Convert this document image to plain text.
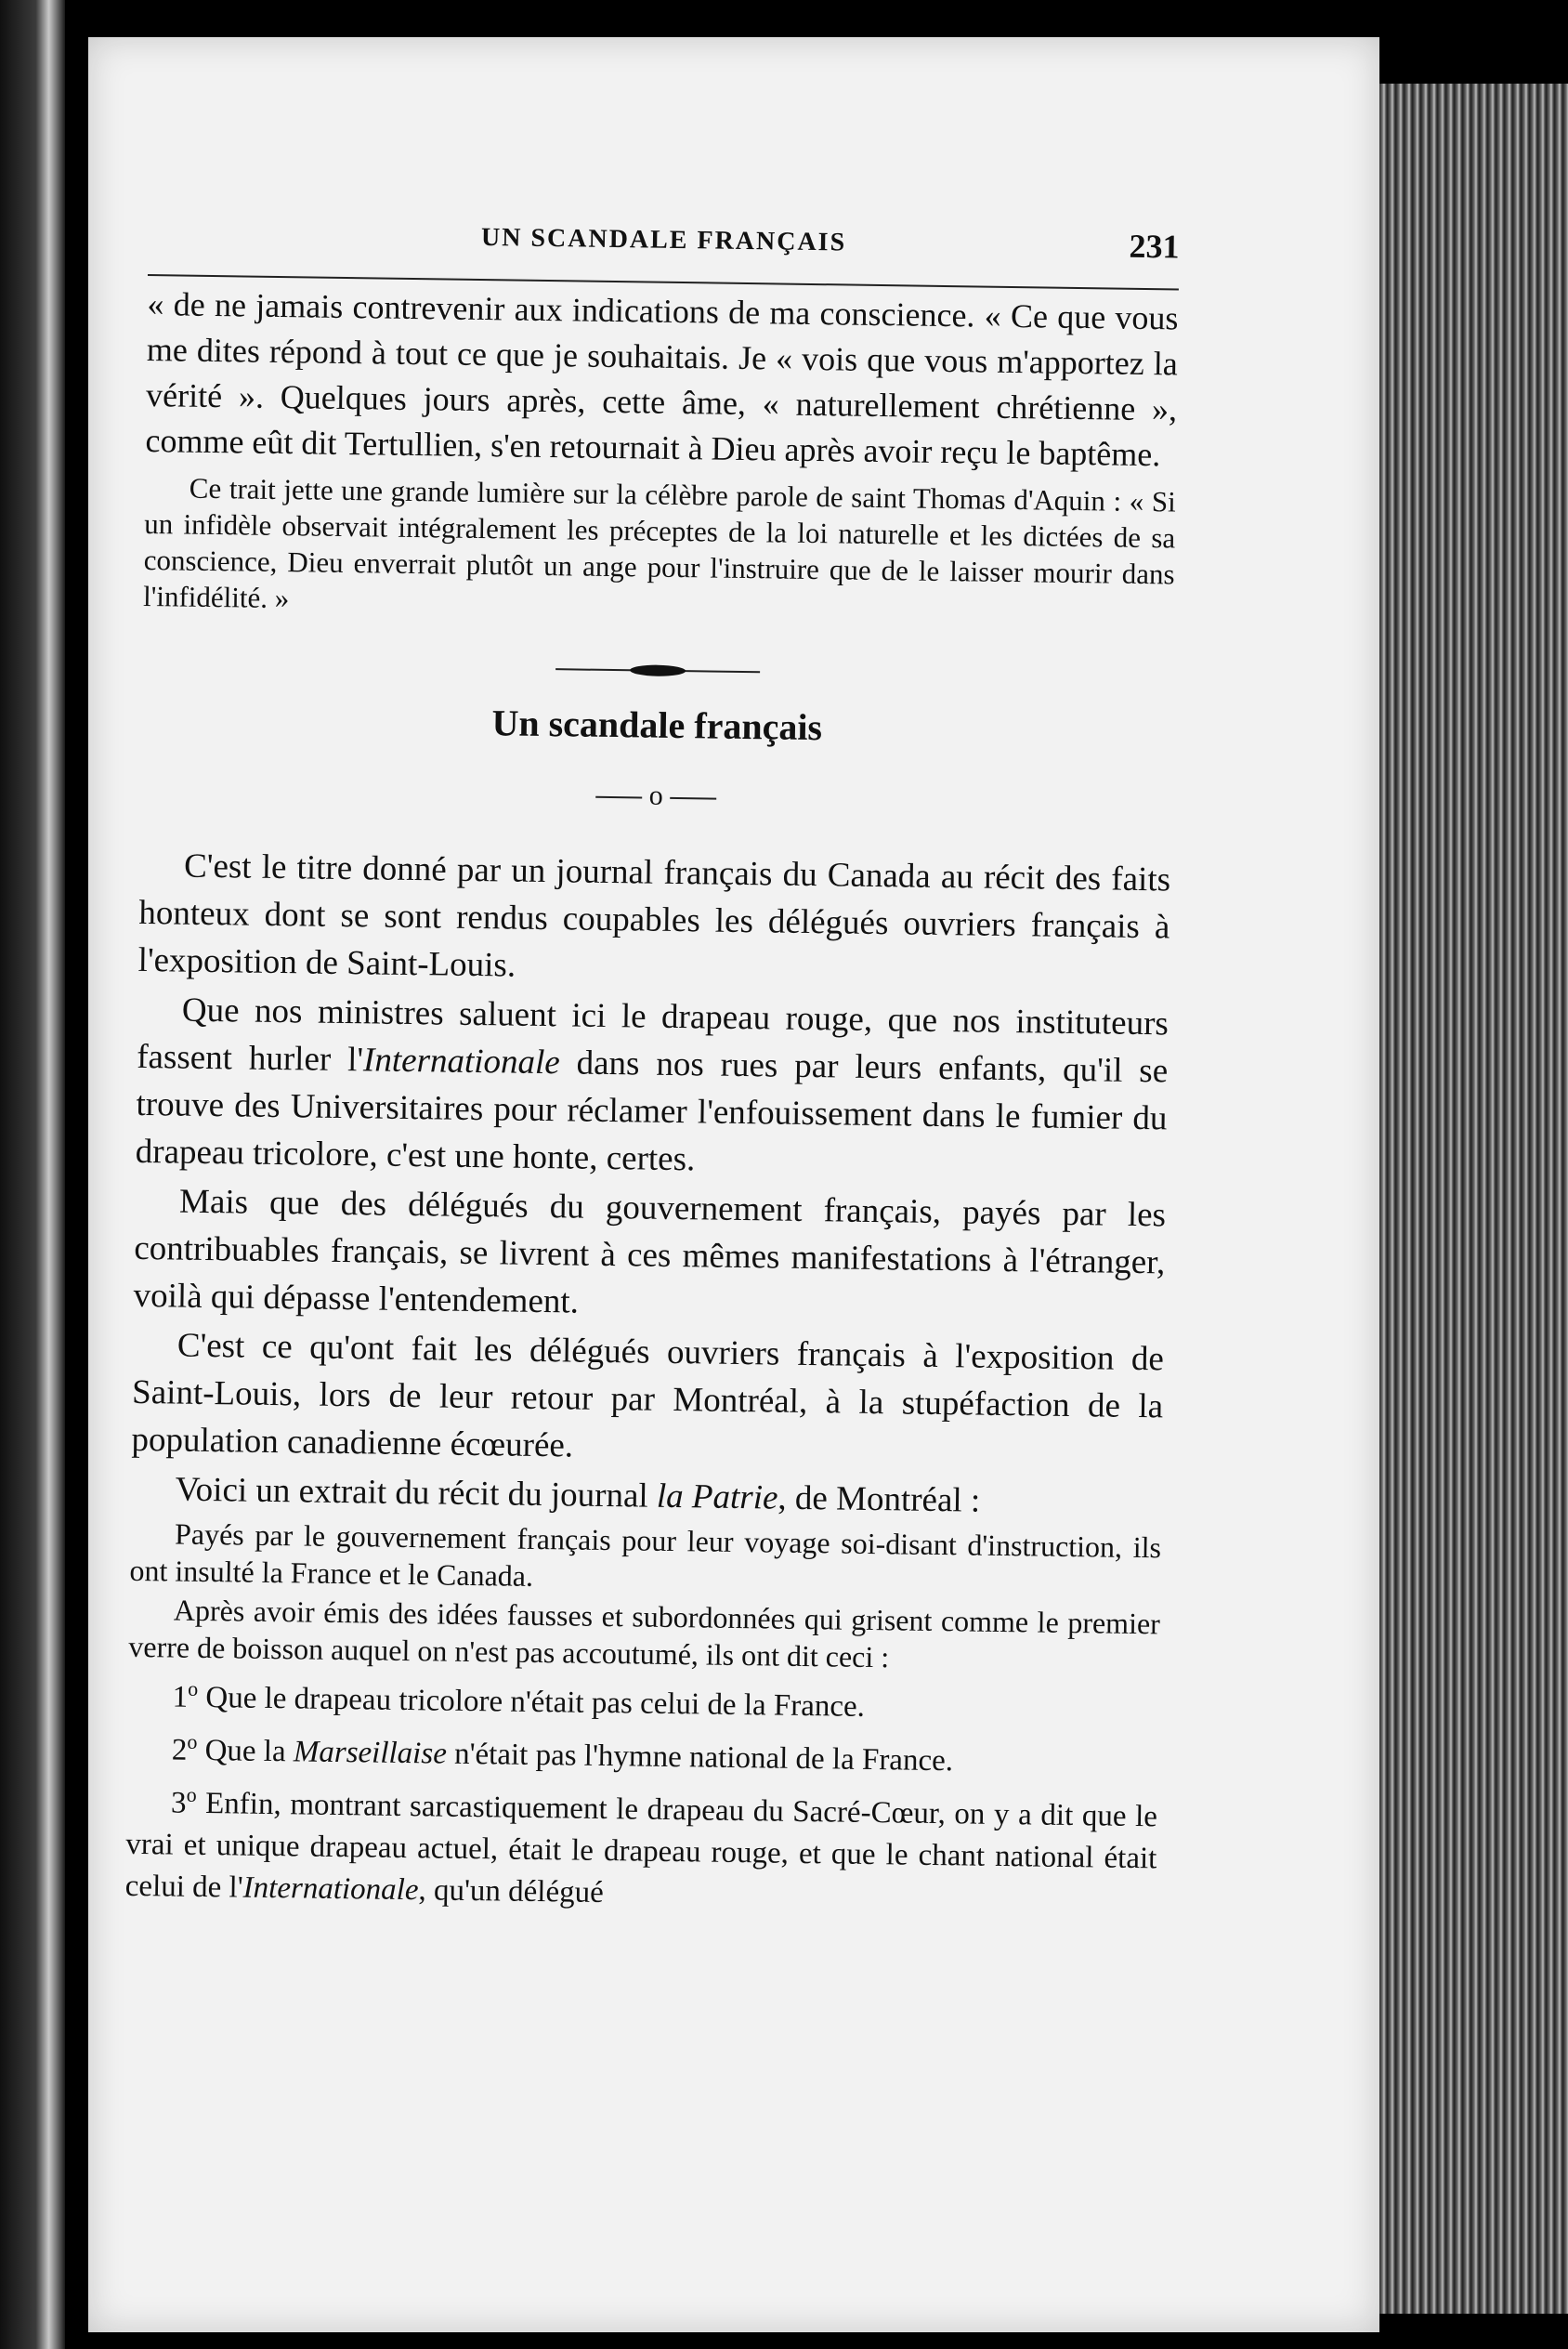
UN SCANDALE FRANÇAIS	231

« de ne jamais contrevenir aux indications de ma conscience. « Ce que vous me dites répond à tout ce que je souhaitais. Je « vois que vous m'apportez la vérité ». Quelques jours après, cette âme, « naturellement chrétienne », comme eût dit Tertullien, s'en retournait à Dieu après avoir reçu le baptême.

Ce trait jette une grande lumière sur la célèbre parole de saint Thomas d'Aquin : « Si un infidèle observait intégralement les préceptes de la loi naturelle et les dictées de sa conscience, Dieu enverrait plutôt un ange pour l'instruire que de le laisser mourir dans l'infidélité. »

Un scandale français
o

C'est le titre donné par un journal français du Canada au récit des faits honteux dont se sont rendus coupables les délégués ouvriers français à l'exposition de Saint-Louis.

Que nos ministres saluent ici le drapeau rouge, que nos instituteurs fassent hurler l'Internationale dans nos rues par leurs enfants, qu'il se trouve des Universitaires pour réclamer l'enfouissement dans le fumier du drapeau tricolore, c'est une honte, certes.

Mais que des délégués du gouvernement français, payés par les contribuables français, se livrent à ces mêmes manifestations à l'étranger, voilà qui dépasse l'entendement.

C'est ce qu'ont fait les délégués ouvriers français à l'exposition de Saint-Louis, lors de leur retour par Montréal, à la stupéfaction de la population canadienne écœurée.

Voici un extrait du récit du journal la Patrie, de Montréal :

Payés par le gouvernement français pour leur voyage soi-disant d'instruction, ils ont insulté la France et le Canada.

Après avoir émis des idées fausses et subordonnées qui grisent comme le premier verre de boisson auquel on n'est pas accoutumé, ils ont dit ceci :

1$^o$ Que le drapeau tricolore n'était pas celui de la France.

2$^o$ Que la Marseillaise n'était pas l'hymne national de la France.

3$^o$ Enfin, montrant sarcastiquement le drapeau du Sacré-Cœur, on y a dit que le vrai et unique drapeau actuel, était le drapeau rouge, et que le chant national était celui de l'Internationale, qu'un délégué
